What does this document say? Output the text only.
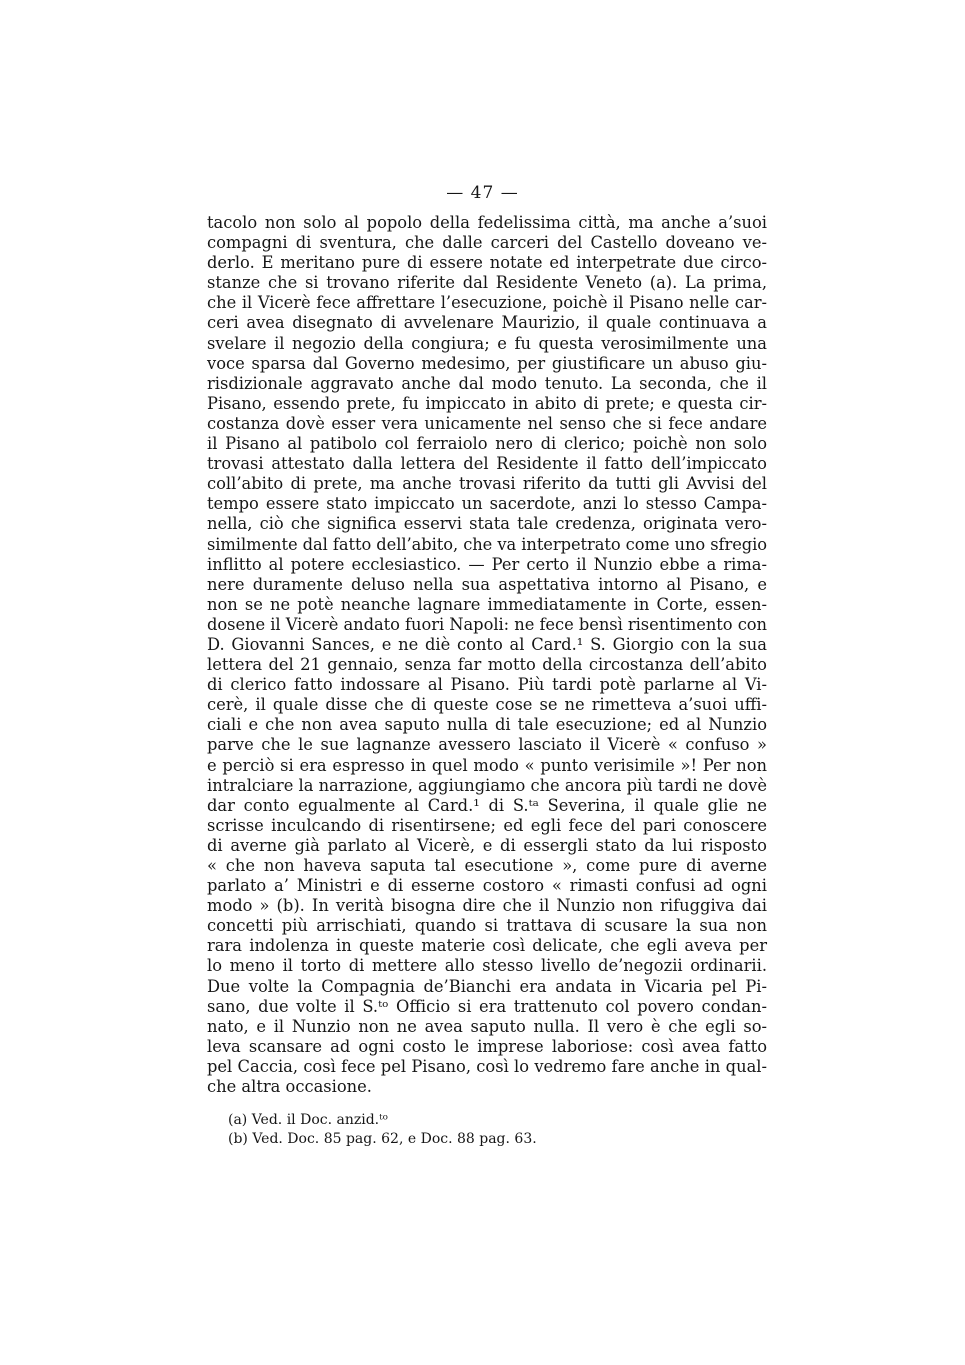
— 47 —
tacolo non solo al popolo della fedelissima città, ma anche a’suoi
compagni di sventura, che dalle carceri del Castello doveano ve-
derlo. E meritano pure di essere notate ed interpetrate due circo-
stanze che si trovano riferite dal Residente Veneto (a). La prima,
che il Vicerè fece affrettare l’esecuzione, poichè il Pisano nelle car-
ceri avea disegnato di avvelenare Maurizio, il quale continuava a
svelare il negozio della congiura; e fu questa verosimilmente una
voce sparsa dal Governo medesimo, per giustificare un abuso giu-
risdizionale aggravato anche dal modo tenuto. La seconda, che il
Pisano, essendo prete, fu impiccato in abito di prete; e questa cir-
costanza dovè esser vera unicamente nel senso che si fece andare
il Pisano al patibolo col ferraiolo nero di clerico; poichè non solo
trovasi attestato dalla lettera del Residente il fatto dell’impiccato
coll’abito di prete, ma anche trovasi riferito da tutti gli Avvisi del
tempo essere stato impiccato un sacerdote, anzi lo stesso Campa-
nella, ciò che significa esservi stata tale credenza, originata vero-
similmente dal fatto dell’abito, che va interpetrato come uno sfregio
inflitto al potere ecclesiastico. — Per certo il Nunzio ebbe a rima-
nere duramente deluso nella sua aspettativa intorno al Pisano, e
non se ne potè neanche lagnare immediatamente in Corte, essen-
dosene il Vicerè andato fuori Napoli: ne fece bensì risentimento con
D. Giovanni Sances, e ne diè conto al Card.¹ S. Giorgio con la sua
lettera del 21 gennaio, senza far motto della circostanza dell’abito
di clerico fatto indossare al Pisano. Più tardi potè parlarne al Vi-
cerè, il quale disse che di queste cose se ne rimetteva a’suoi uffi-
ciali e che non avea saputo nulla di tale esecuzione; ed al Nunzio
parve che le sue lagnanze avessero lasciato il Vicerè « confuso »
e perciò si era espresso in quel modo « punto verisimile »! Per non
intralciare la narrazione, aggiungiamo che ancora più tardi ne dovè
dar conto egualmente al Card.¹ di S.ᵗᵃ Severina, il quale glie ne
scrisse inculcando di risentirsene; ed egli fece del pari conoscere
di averne già parlato al Vicerè, e di essergli stato da lui risposto
« che non haveva saputa tal esecutione », come pure di averne
parlato a’ Ministri e di esserne costoro « rimasti confusi ad ogni
modo » (b). In verità bisogna dire che il Nunzio non rifuggiva dai
concetti più arrischiati, quando si trattava di scusare la sua non
rara indolenza in queste materie così delicate, che egli aveva per
lo meno il torto di mettere allo stesso livello de’negozii ordinarii.
Due volte la Compagnia de’Bianchi era andata in Vicaria pel Pi-
sano, due volte il S.ᵗᵒ Officio si era trattenuto col povero condan-
nato, e il Nunzio non ne avea saputo nulla. Il vero è che egli so-
leva scansare ad ogni costo le imprese laboriose: così avea fatto
pel Caccia, così fece pel Pisano, così lo vedremo fare anche in qual-
che altra occasione.
(a) Ved. il Doc. anzid.ᵗᵒ
(b) Ved. Doc. 85 pag. 62, e Doc. 88 pag. 63.
